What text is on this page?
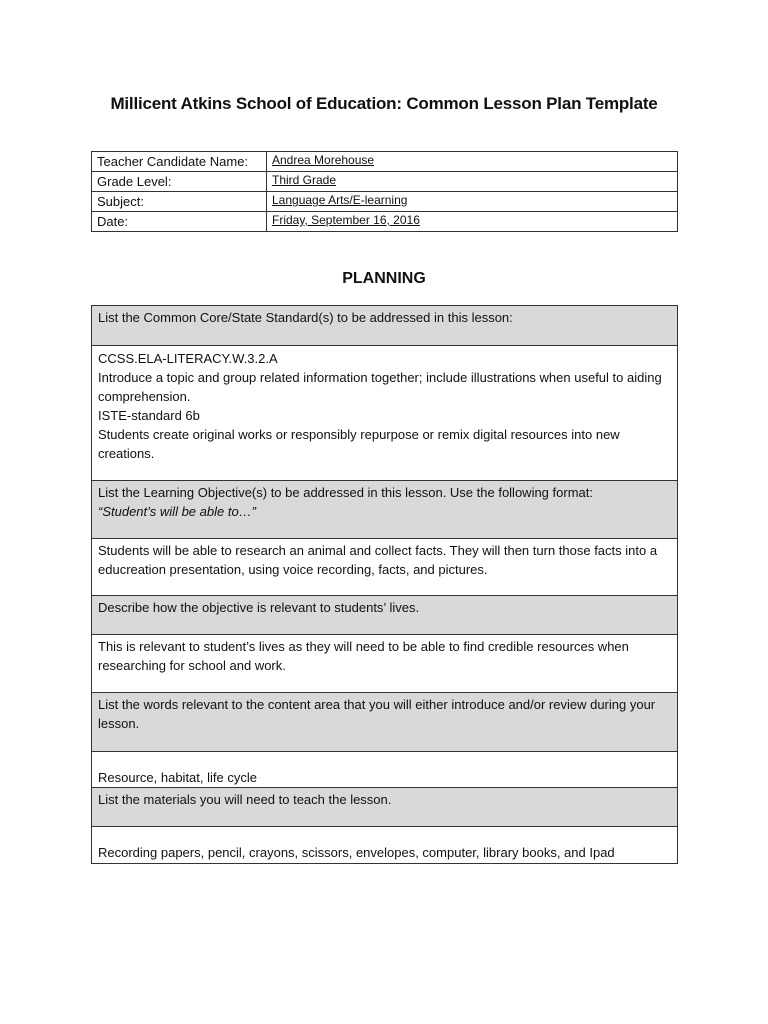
Millicent Atkins School of Education: Common Lesson Plan Template
Teacher Candidate Name:	Andrea Morehouse
Grade Level:	Third Grade
Subject:	Language Arts/E-learning
Date:	Friday, September 16, 2016
PLANNING
List the Common Core/State Standard(s) to be addressed in this lesson:

CCSS.ELA-LITERACY.W.3.2.A
Introduce a topic and group related information together; include illustrations when useful to aiding comprehension.
ISTE-standard 6b
Students create original works or responsibly repurpose or remix digital resources into new creations.

List the Learning Objective(s) to be addressed in this lesson. Use the following format:
“Student’s will be able to…”

Students will be able to research an animal and collect facts. They will then turn those facts into a educreation presentation, using voice recording, facts, and pictures.
Describe how the objective is relevant to students’ lives.
This is relevant to student’s lives as they will need to be able to find credible resources when researching for school and work.
List the words relevant to the content area that you will either introduce and/or review during your lesson.
Resource, habitat, life cycle
List the materials you will need to teach the lesson.
Recording papers, pencil, crayons, scissors, envelopes, computer, library books, and Ipad
